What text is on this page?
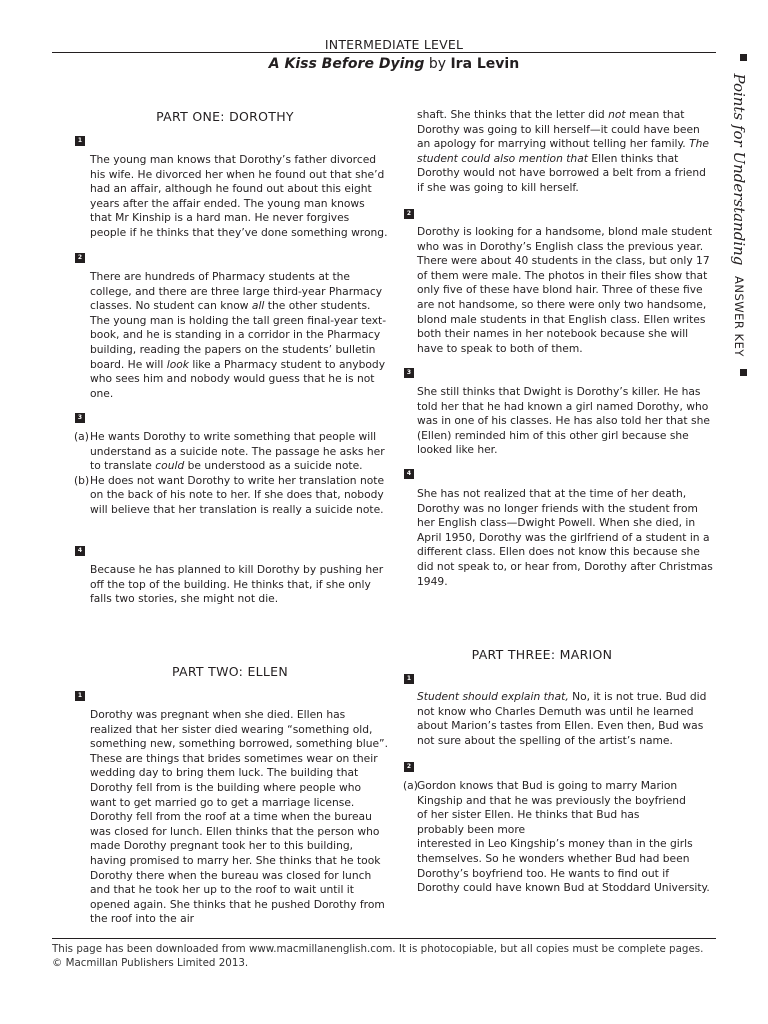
INTERMEDIATE LEVEL
A Kiss Before Dying by Ira Levin
Points for Understanding ANSWER KEY
PART ONE: DOROTHY
1

The young man knows that Dorothy’s father divorced his wife. He divorced her when he found out that she’d had an affair, although he found out about this eight years after the affair ended. The young man knows that Mr Kinship is a hard man. He never forgives people if he thinks that they’ve done something wrong.

2

There are hundreds of Pharmacy students at the college, and there are three large third-year Pharmacy classes. No student can know all the other students. The young man is holding the tall green final-year text-book, and he is standing in a corridor in the Pharmacy building, reading the papers on the students’ bulletin board. He will look like a Pharmacy student to anybody who sees him and nobody would guess that he is not one.

3
(a) He wants Dorothy to write something that people will understand as a suicide note. The passage he asks her to translate could be understood as a suicide note.
(b) He does not want Dorothy to write her translation note on the back of his note to her. If she does that, nobody will believe that her translation is really a suicide note.
4

Because he has planned to kill Dorothy by pushing her off the top of the building. He thinks that, if she only falls two stories, she might not die.

PART TWO: ELLEN
1
Dorothy was pregnant when she died. Ellen has realized that her sister died wearing “something old, something new, something borrowed, something blue”. These are things that brides sometimes wear on their wedding day to bring them luck. The building that Dorothy fell from is the building where people who want to get married go to get a marriage license. Dorothy fell from the roof at a time when the bureau was closed for lunch. Ellen thinks that the person who made Dorothy pregnant took her to this building, having promised to marry her. She thinks that he took Dorothy there when the bureau was closed for lunch and that he took her up to the roof to wait until it opened again. She thinks that he pushed Dorothy from the roof into the air

shaft. She thinks that the letter did not mean that Dorothy was going to kill herself—it could have been an apology for marrying without telling her family. The student could also mention that Ellen thinks that Dorothy would not have borrowed a belt from a friend if she was going to kill herself.

2

Dorothy is looking for a handsome, blond male student who was in Dorothy’s English class the previous year. There were about 40 students in the class, but only 17 of them were male. The photos in their files show that only five of these have blond hair. Three of these five are not handsome, so there were only two handsome, blond male students in that English class. Ellen writes both their names in her notebook because she will have to speak to both of them.

3

She still thinks that Dwight is Dorothy’s killer. He has told her that he had known a girl named Dorothy, who was in one of his classes. He has also told her that she (Ellen) reminded him of this other girl because she looked like her.

4

She has not realized that at the time of her death, Dorothy was no longer friends with the student from her English class—Dwight Powell. When she died, in April 1950, Dorothy was the girlfriend of a student in a different class. Ellen does not know this because she did not speak to, or hear from, Dorothy after Christmas 1949.

PART THREE: MARION
1

Student should explain that, No, it is not true. Bud did not know who Charles Demuth was until he learned about Marion’s tastes from Ellen. Even then, Bud was not sure about the spelling of the artist’s name.

2
(a) Gordon knows that Bud is going to marry Marion Kingship and that he was previously the boyfriend of her sister Ellen. He thinks that Bud has probably been more
interested in Leo Kingship’s money than in the girls themselves. So he wonders whether Bud had been Dorothy’s boyfriend too. He wants to find out if Dorothy could have known Bud at Stoddard University.
This page has been downloaded from www.macmillanenglish.com. It is photocopiable, but all copies must be complete pages.
© Macmillan Publishers Limited 2013.
